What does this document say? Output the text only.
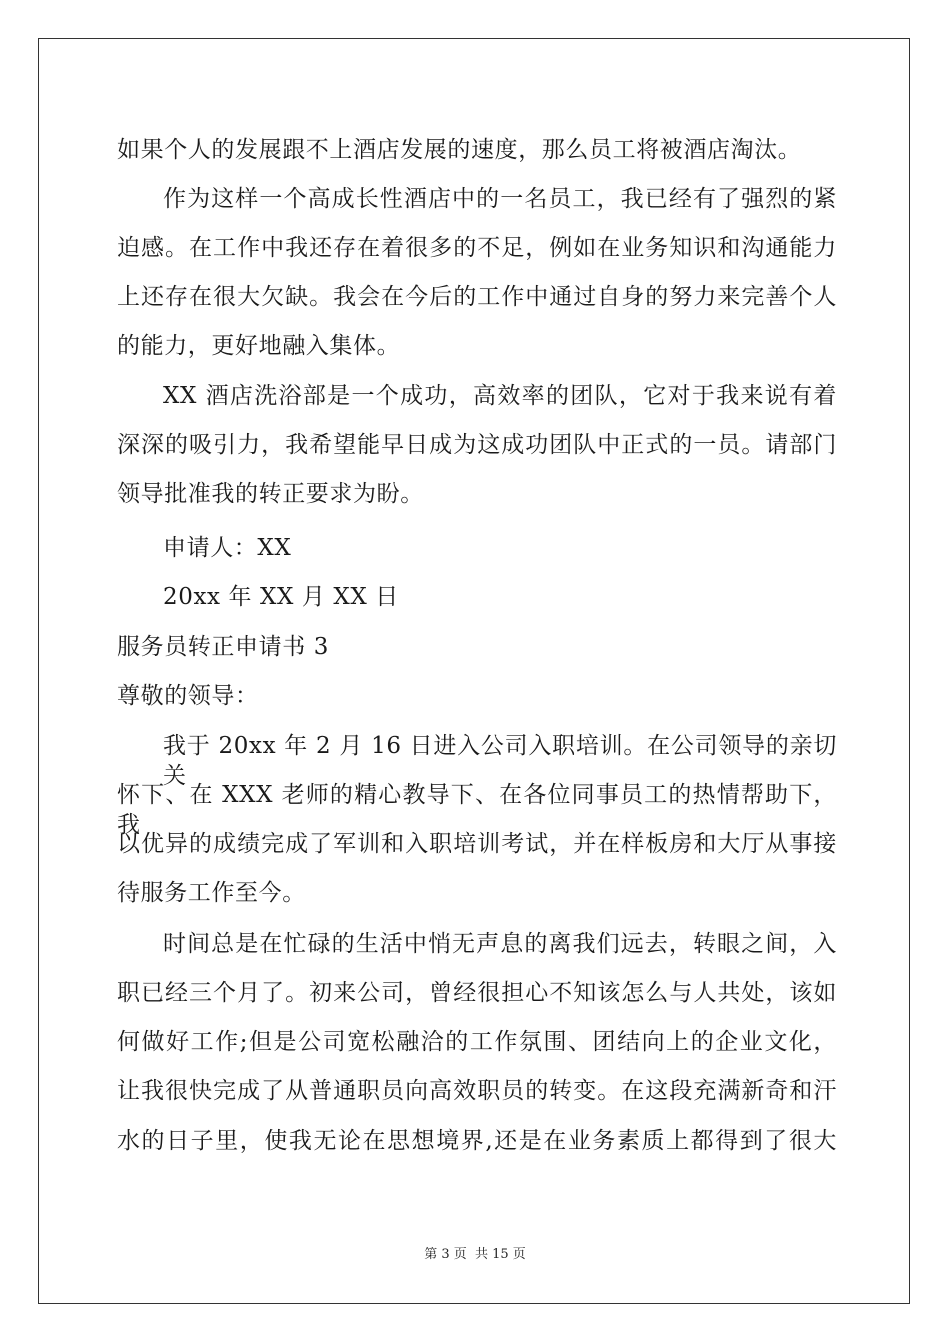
如果个人的发展跟不上酒店发展的速度，那么员工将被酒店淘汰。
作为这样一个高成长性酒店中的一名员工，我已经有了强烈的紧
迫感。在工作中我还存在着很多的不足，例如在业务知识和沟通能力
上还存在很大欠缺。我会在今后的工作中通过自身的努力来完善个人
的能力，更好地融入集体。
XX 酒店洗浴部是一个成功，高效率的团队，它对于我来说有着
深深的吸引力，我希望能早日成为这成功团队中正式的一员。请部门
领导批准我的转正要求为盼。
申请人：XX
20xx 年 XX 月 XX 日
服务员转正申请书 3
尊敬的领导：
我于 20xx 年 2 月 16 日进入公司入职培训。在公司领导的亲切关
怀下、在 XXX 老师的精心教导下、在各位同事员工的热情帮助下，我
以优异的成绩完成了军训和入职培训考试，并在样板房和大厅从事接
待服务工作至今。
时间总是在忙碌的生活中悄无声息的离我们远去，转眼之间，入
职已经三个月了。初来公司，曾经很担心不知该怎么与人共处，该如
何做好工作;但是公司宽松融洽的工作氛围、团结向上的企业文化，
让我很快完成了从普通职员向高效职员的转变。在这段充满新奇和汗
水的日子里，使我无论在思想境界,还是在业务素质上都得到了很大
第 3 页 共 15 页
